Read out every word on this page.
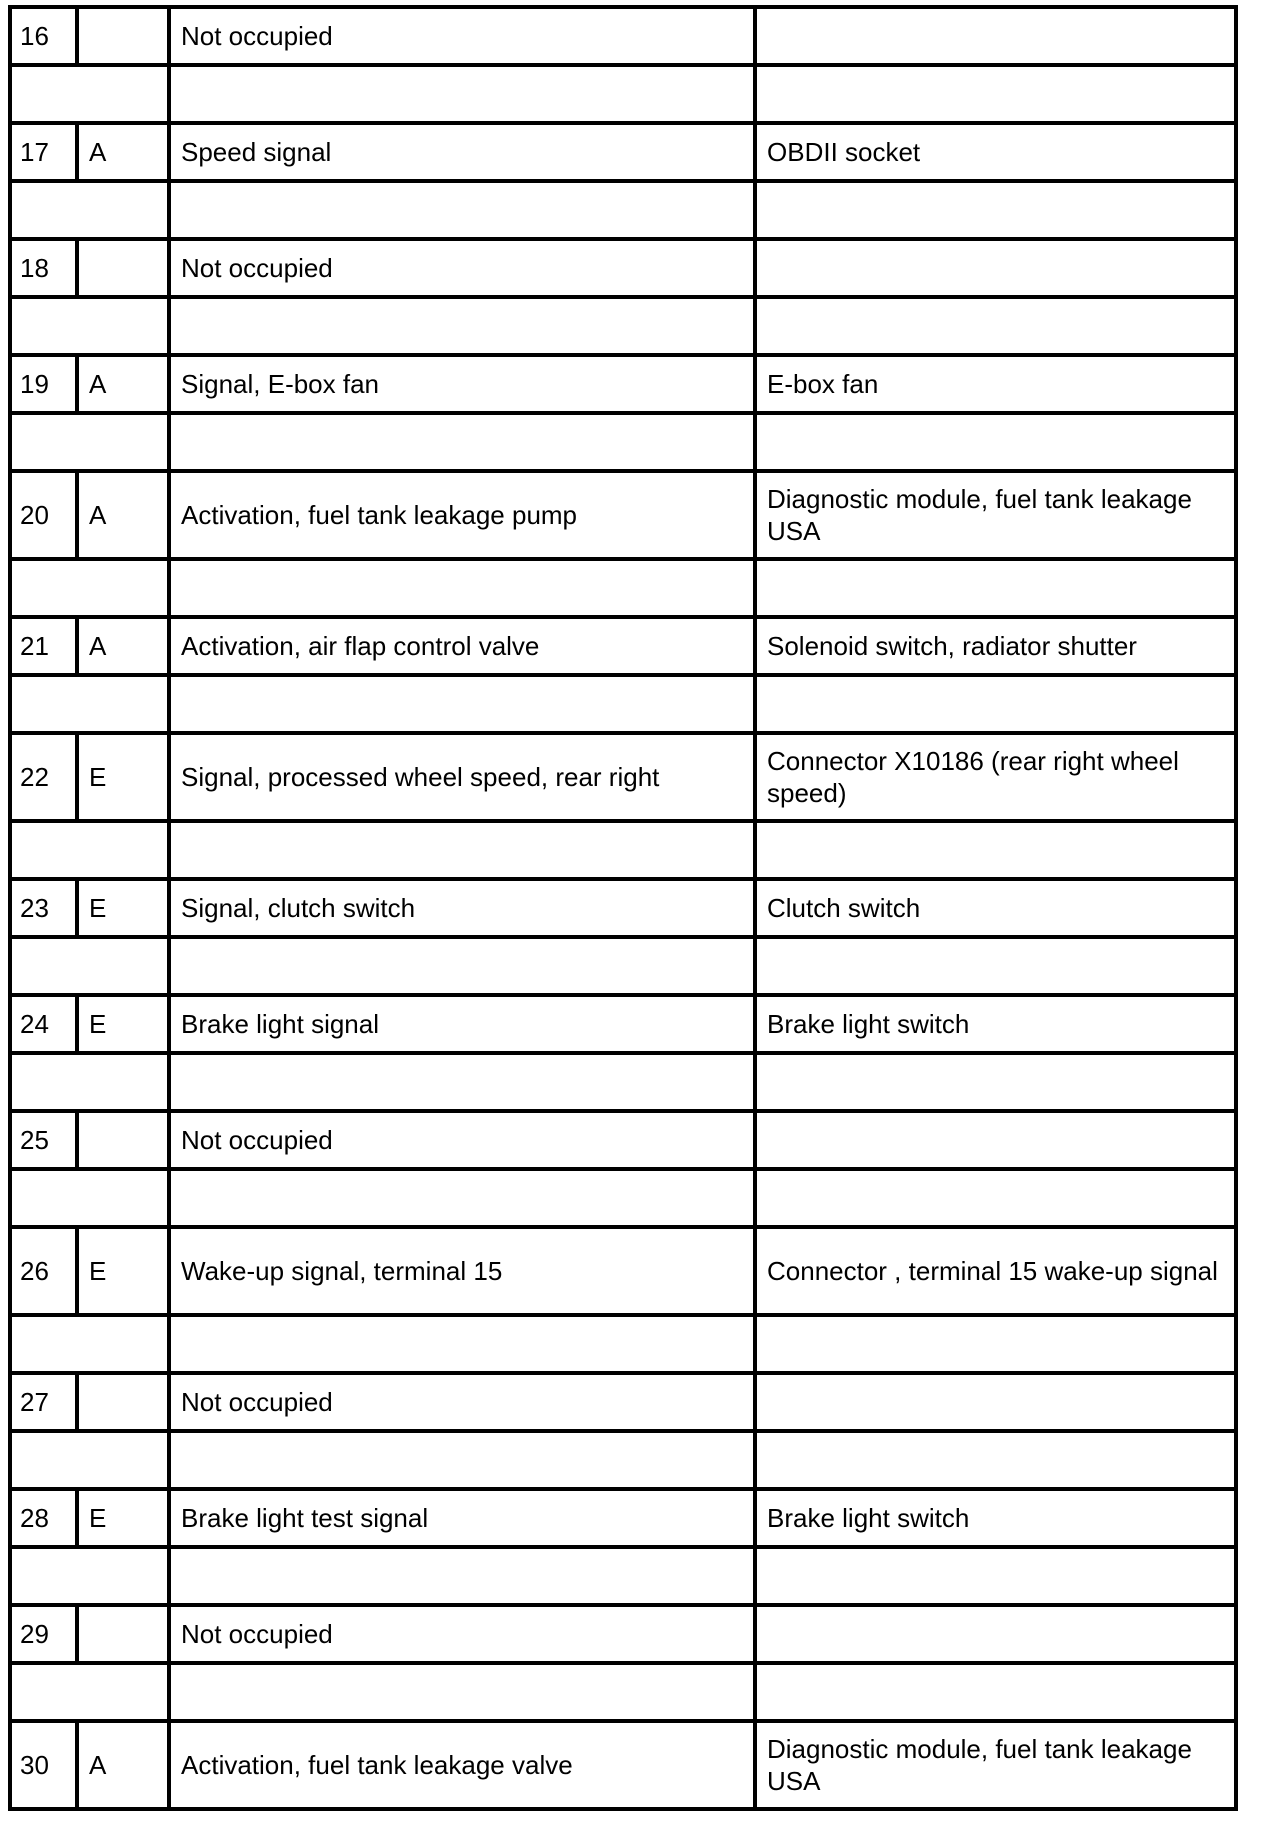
16		Not occupied	

17	A	Speed signal	OBDII socket

18		Not occupied	

19	A	Signal, E-box fan	E-box fan

20	A	Activation, fuel tank leakage pump	Diagnostic module, fuel tank leakage USA

21	A	Activation, air flap control valve	Solenoid switch, radiator shutter

22	E	Signal, processed wheel speed, rear right	Connector X10186 (rear right wheel speed)

23	E	Signal, clutch switch	Clutch switch

24	E	Brake light signal	Brake light switch

25		Not occupied	

26	E	Wake-up signal, terminal 15	Connector , terminal 15 wake-up signal

27		Not occupied	

28	E	Brake light test signal	Brake light switch

29		Not occupied	

30	A	Activation, fuel tank leakage valve	Diagnostic module, fuel tank leakage USA
